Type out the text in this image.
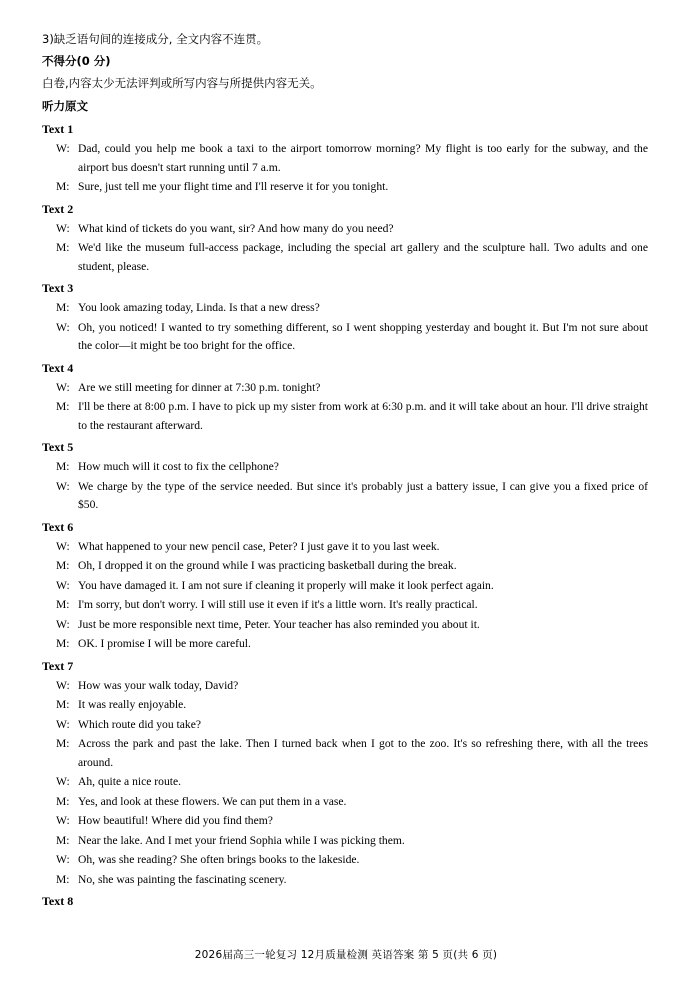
3)缺乏语句间的连接成分, 全文内容不连贯。
不得分(0 分)
白卷,内容太少无法评判或所写内容与所提供内容无关。
听力原文
Text 1
W: Dad, could you help me book a taxi to the airport tomorrow morning? My flight is too early for the subway, and the airport bus doesn't start running until 7 a.m.
M: Sure, just tell me your flight time and I'll reserve it for you tonight.
Text 2
W: What kind of tickets do you want, sir? And how many do you need?
M: We'd like the museum full-access package, including the special art gallery and the sculpture hall. Two adults and one student, please.
Text 3
M: You look amazing today, Linda. Is that a new dress?
W: Oh, you noticed! I wanted to try something different, so I went shopping yesterday and bought it. But I'm not sure about the color—it might be too bright for the office.
Text 4
W: Are we still meeting for dinner at 7:30 p.m. tonight?
M: I'll be there at 8:00 p.m. I have to pick up my sister from work at 6:30 p.m. and it will take about an hour. I'll drive straight to the restaurant afterward.
Text 5
M: How much will it cost to fix the cellphone?
W: We charge by the type of the service needed. But since it's probably just a battery issue, I can give you a fixed price of $50.
Text 6
W: What happened to your new pencil case, Peter? I just gave it to you last week.
M: Oh, I dropped it on the ground while I was practicing basketball during the break.
W: You have damaged it. I am not sure if cleaning it properly will make it look perfect again.
M: I'm sorry, but don't worry. I will still use it even if it's a little worn. It's really practical.
W: Just be more responsible next time, Peter. Your teacher has also reminded you about it.
M: OK. I promise I will be more careful.
Text 7
W: How was your walk today, David?
M: It was really enjoyable.
W: Which route did you take?
M: Across the park and past the lake. Then I turned back when I got to the zoo. It's so refreshing there, with all the trees around.
W: Ah, quite a nice route.
M: Yes, and look at these flowers. We can put them in a vase.
W: How beautiful! Where did you find them?
M: Near the lake. And I met your friend Sophia while I was picking them.
W: Oh, was she reading? She often brings books to the lakeside.
M: No, she was painting the fascinating scenery.
Text 8
2026届高三一轮复习 12月质量检测 英语答案 第 5 页(共 6 页)
